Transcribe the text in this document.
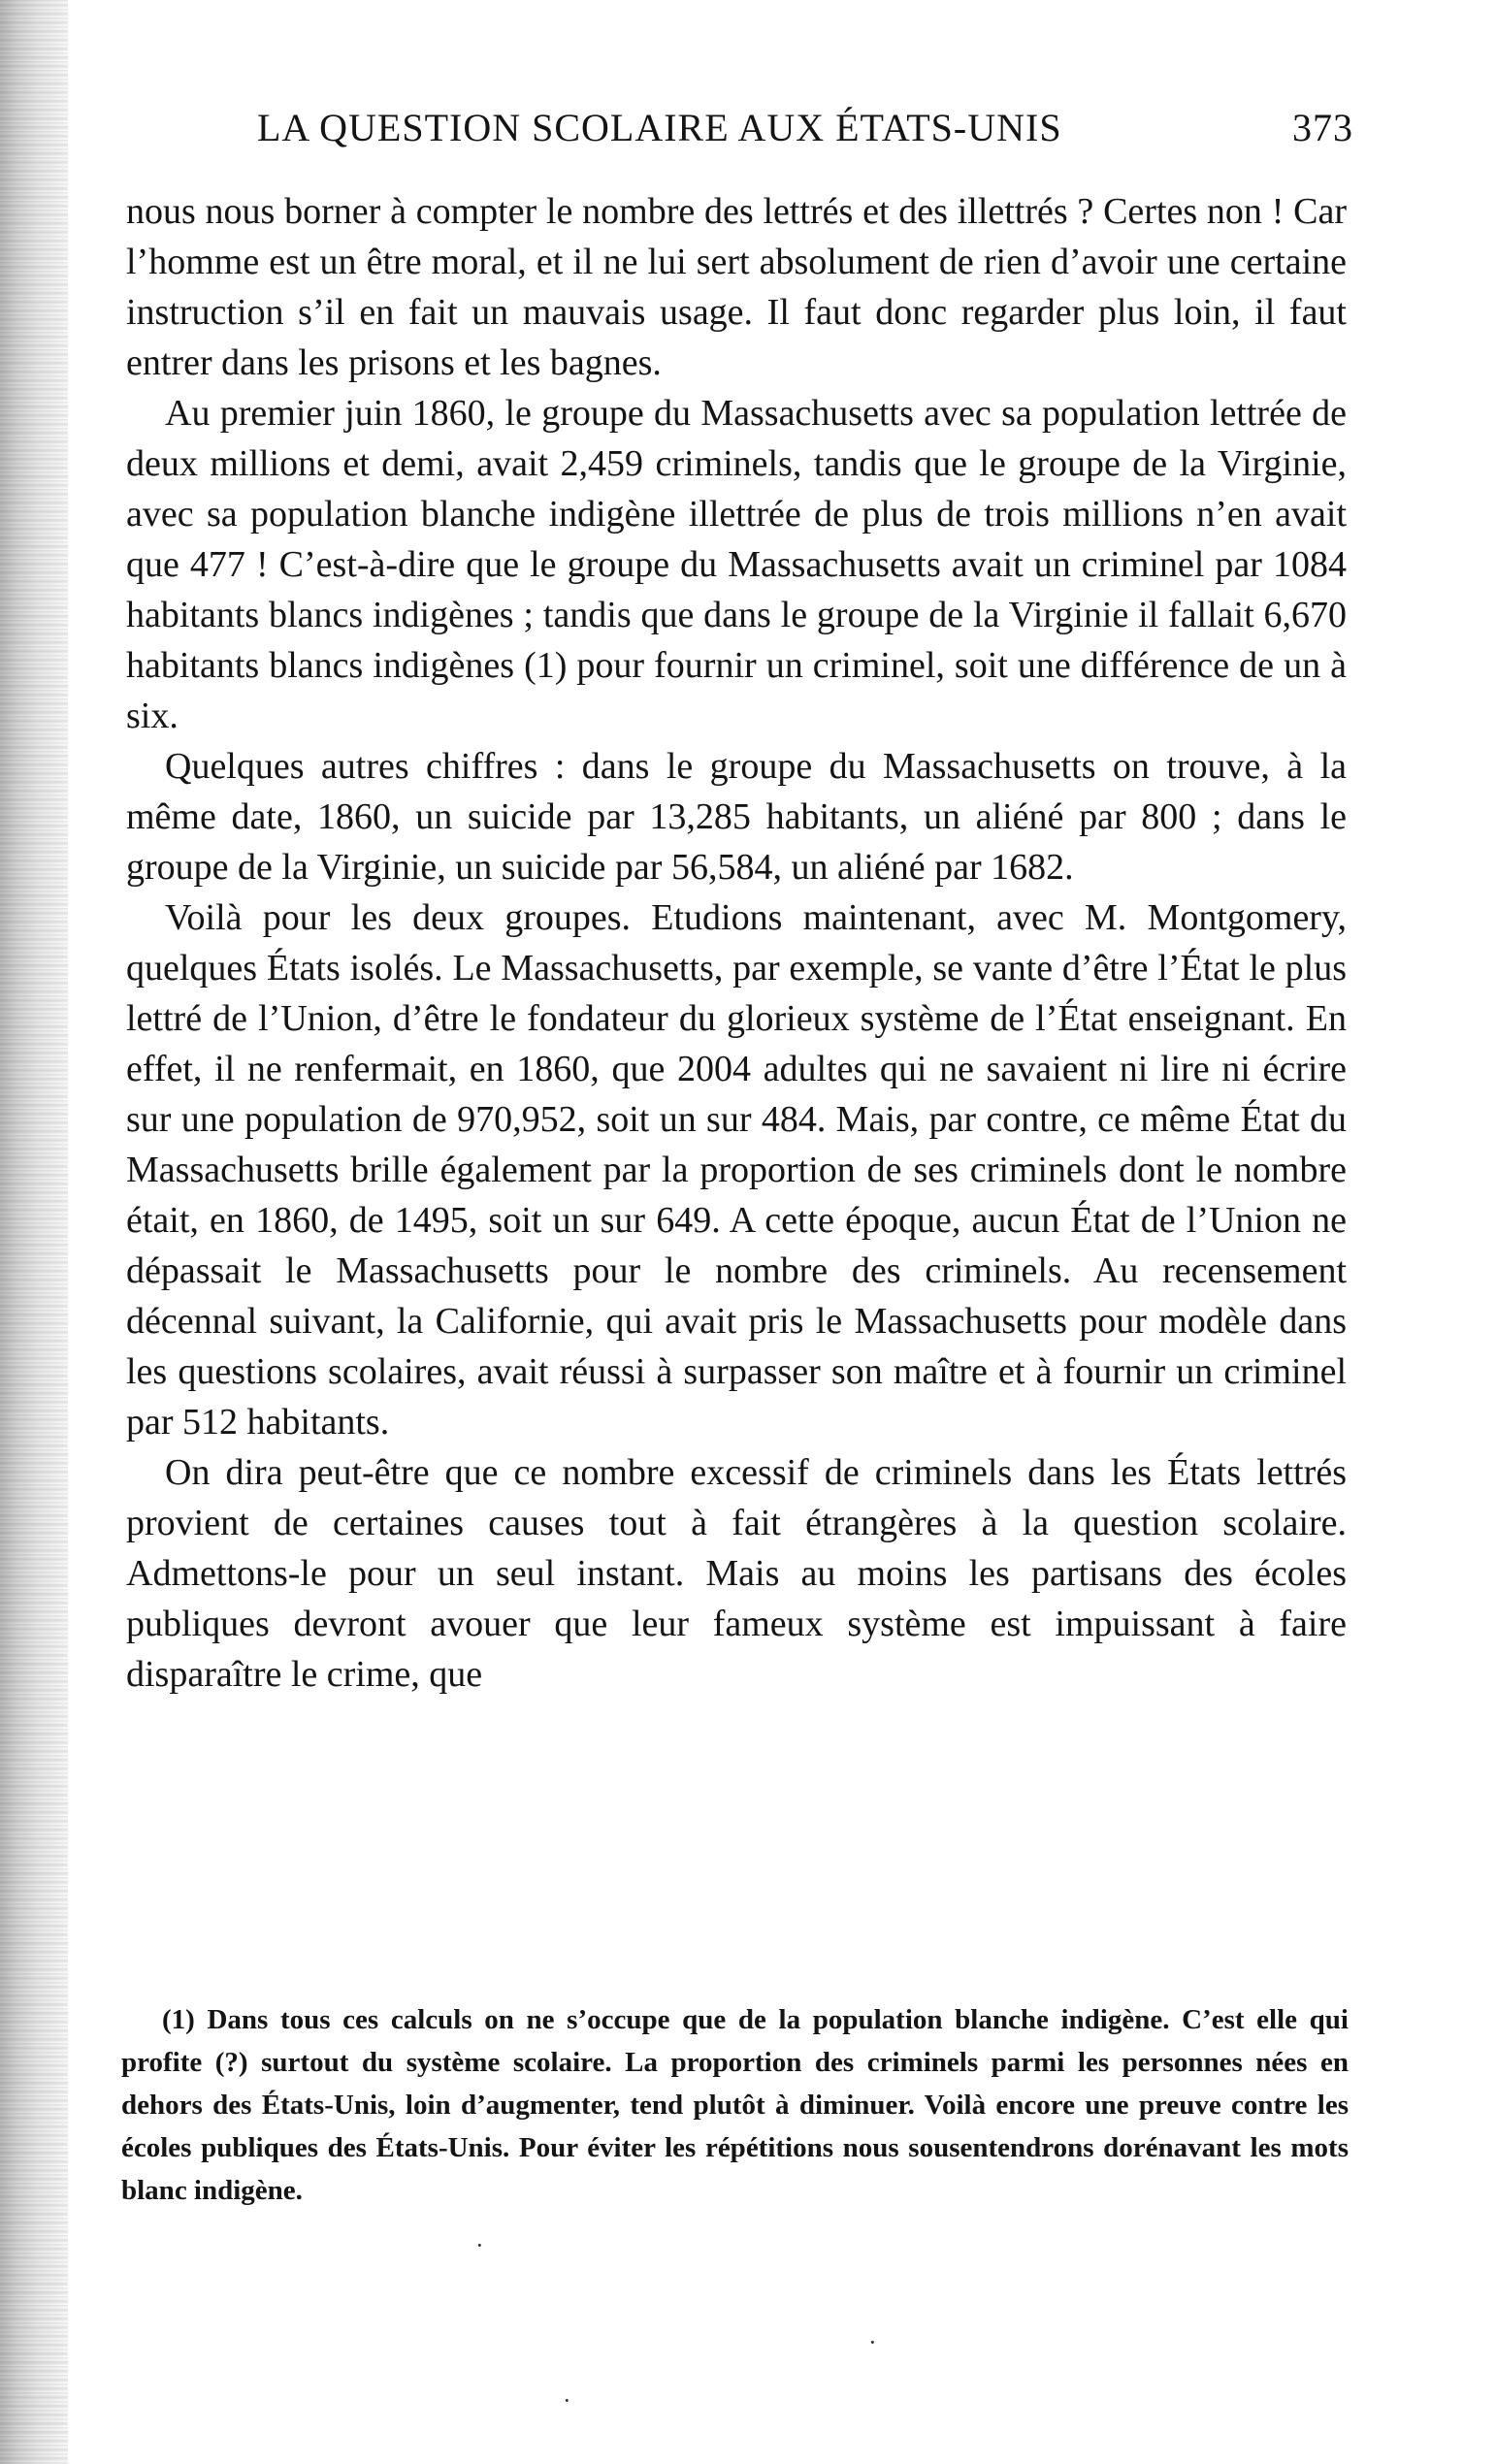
LA QUESTION SCOLAIRE AUX ÉTATS-UNIS	373

nous nous borner à compter le nombre des lettrés et des illettrés ? Certes non ! Car l’homme est un être moral, et il ne lui sert absolument de rien d’avoir une certaine instruction s’il en fait un mauvais usage. Il faut donc regarder plus loin, il faut entrer dans les prisons et les bagnes.

Au premier juin 1860, le groupe du Massachusetts avec sa population lettrée de deux millions et demi, avait 2,459 criminels, tandis que le groupe de la Virginie, avec sa population blanche indigène illettrée de plus de trois millions n’en avait que 477 ! C’est-à-dire que le groupe du Massachusetts avait un criminel par 1084 habitants blancs indigènes ; tandis que dans le groupe de la Virginie il fallait 6,670 habitants blancs indigènes (1) pour fournir un criminel, soit une différence de un à six.

Quelques autres chiffres : dans le groupe du Massachusetts on trouve, à la même date, 1860, un suicide par 13,285 habitants, un aliéné par 800 ; dans le groupe de la Virginie, un suicide par 56,584, un aliéné par 1682.

Voilà pour les deux groupes. Etudions maintenant, avec M. Montgomery, quelques États isolés. Le Massachusetts, par exemple, se vante d’être l’État le plus lettré de l’Union, d’être le fondateur du glorieux système de l’État enseignant. En effet, il ne renfermait, en 1860, que 2004 adultes qui ne savaient ni lire ni écrire sur une population de 970,952, soit un sur 484. Mais, par contre, ce même État du Massachusetts brille également par la proportion de ses criminels dont le nombre était, en 1860, de 1495, soit un sur 649. A cette époque, aucun État de l’Union ne dépassait le Massachusetts pour le nombre des criminels. Au recensement décennal suivant, la Californie, qui avait pris le Massachusetts pour modèle dans les questions scolaires, avait réussi à surpasser son maître et à fournir un criminel par 512 habitants.

On dira peut-être que ce nombre excessif de criminels dans les États lettrés provient de certaines causes tout à fait étrangères à la question scolaire. Admettons-le pour un seul instant. Mais au moins les partisans des écoles publiques devront avouer que leur fameux système est impuissant à faire disparaître le crime, que

(1) Dans tous ces calculs on ne s’occupe que de la population blanche indigène. C’est elle qui profite (?) surtout du système scolaire. La proportion des criminels parmi les personnes nées en dehors des États-Unis, loin d’augmenter, tend plutôt à diminuer. Voilà encore une preuve contre les écoles publiques des États-Unis. Pour éviter les répétitions nous sousentendrons dorénavant les mots blanc indigène.

·
·
·
